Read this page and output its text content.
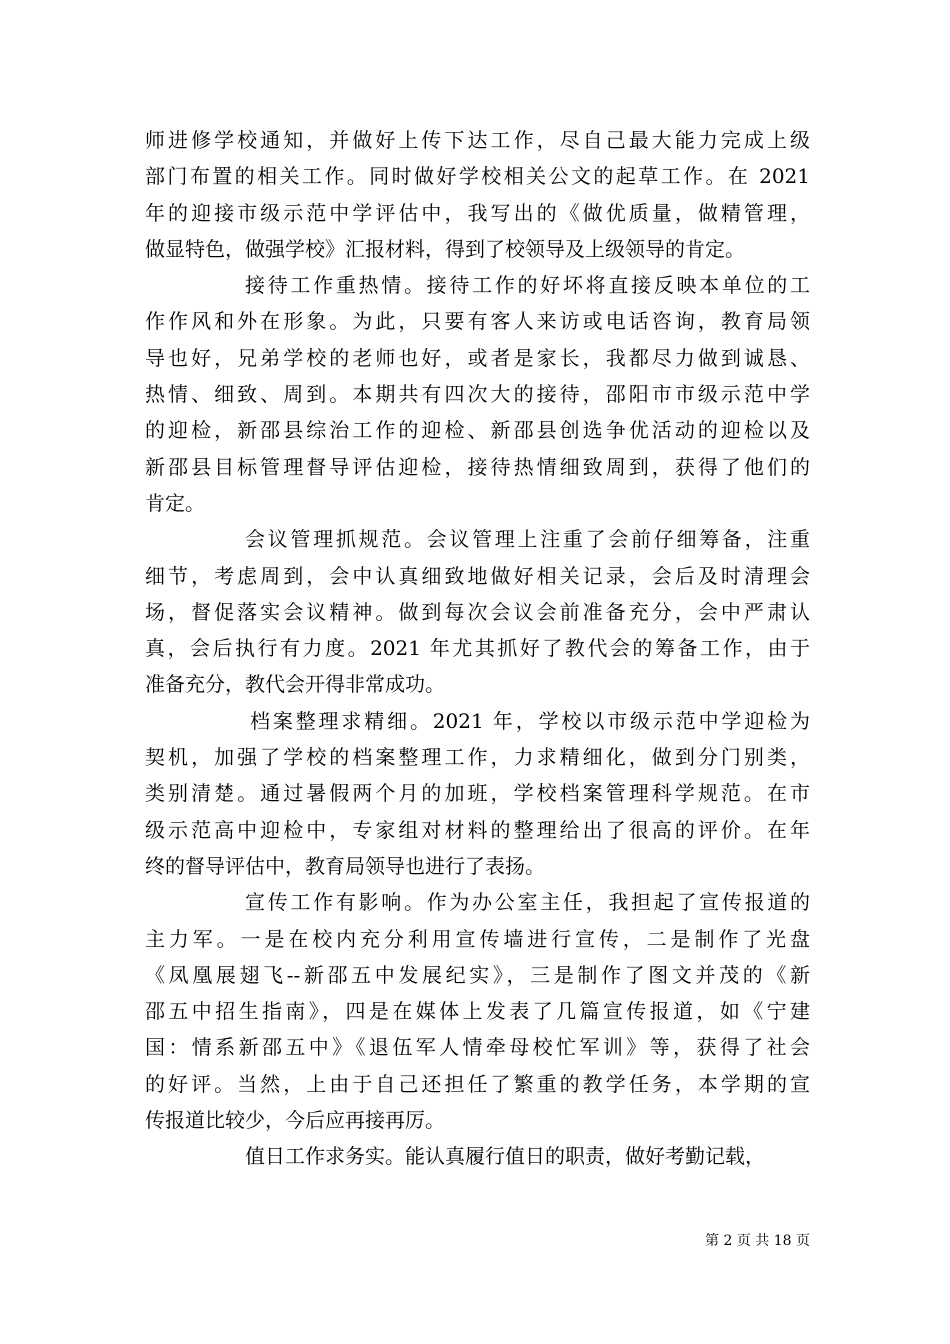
师进修学校通知，并做好上传下达工作，尽自己最大能力完成上级
部门布置的相关工作。同时做好学校相关公文的起草工作。在 2021
年的迎接市级示范中学评估中，我写出的《做优质量，做精管理，
做显特色，做强学校》汇报材料，得到了校领导及上级领导的肯定。
接待工作重热情。接待工作的好坏将直接反映本单位的工
作作风和外在形象。为此，只要有客人来访或电话咨询，教育局领
导也好，兄弟学校的老师也好，或者是家长，我都尽力做到诚恳、
热情、细致、周到。本期共有四次大的接待，邵阳市市级示范中学
的迎检，新邵县综治工作的迎检、新邵县创选争优活动的迎检以及
新邵县目标管理督导评估迎检，接待热情细致周到，获得了他们的
肯定。
会议管理抓规范。会议管理上注重了会前仔细筹备，注重
细节，考虑周到，会中认真细致地做好相关记录，会后及时清理会
场，督促落实会议精神。做到每次会议会前准备充分，会中严肃认
真，会后执行有力度。2021 年尤其抓好了教代会的筹备工作，由于
准备充分，教代会开得非常成功。
档案整理求精细。2021 年，学校以市级示范中学迎检为
契机，加强了学校的档案整理工作，力求精细化，做到分门别类，
类别清楚。通过暑假两个月的加班，学校档案管理科学规范。在市
级示范高中迎检中，专家组对材料的整理给出了很高的评价。在年
终的督导评估中，教育局领导也进行了表扬。
宣传工作有影响。作为办公室主任，我担起了宣传报道的
主力军。一是在校内充分利用宣传墙进行宣传，二是制作了光盘
《凤凰展翅飞--新邵五中发展纪实》，三是制作了图文并茂的《新
邵五中招生指南》，四是在媒体上发表了几篇宣传报道，如《宁建
国：情系新邵五中》《退伍军人情牵母校忙军训》等，获得了社会
的好评。当然，上由于自己还担任了繁重的教学任务，本学期的宣
传报道比较少，今后应再接再厉。
值日工作求务实。能认真履行值日的职责，做好考勤记载，
第 2 页 共 18 页
